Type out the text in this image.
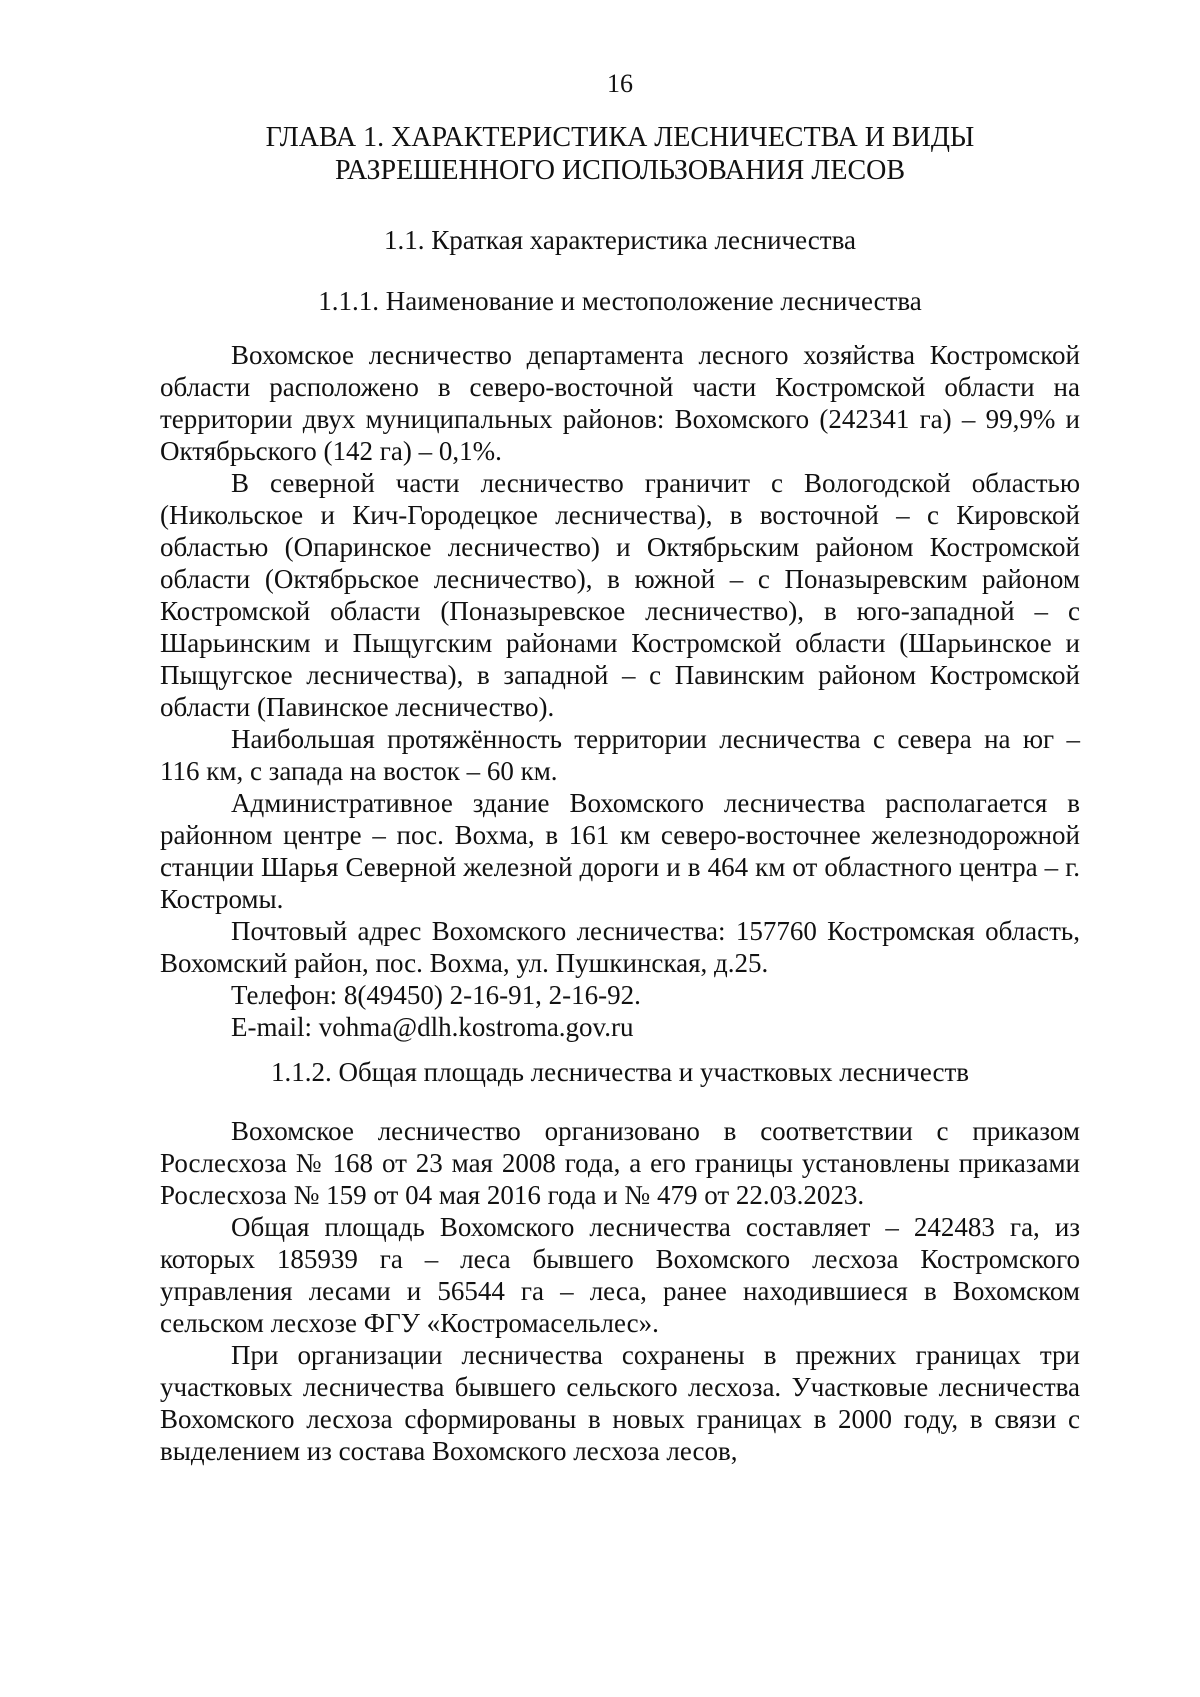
16
ГЛАВА 1. ХАРАКТЕРИСТИКА ЛЕСНИЧЕСТВА И ВИДЫ
РАЗРЕШЕННОГО ИСПОЛЬЗОВАНИЯ ЛЕСОВ
1.1. Краткая характеристика лесничества
1.1.1. Наименование и местоположение лесничества

Вохомское лесничество департамента лесного хозяйства Костромской области расположено в северо-восточной части Костромской области на территории двух муниципальных районов: Вохомского (242341 га) – 99,9% и Октябрьского (142 га) – 0,1%.

В северной части лесничество граничит с Вологодской областью (Никольское и Кич-Городецкое лесничества), в восточной – с Кировской областью (Опаринское лесничество) и Октябрьским районом Костромской области (Октябрьское лесничество), в южной – с Поназыревским районом Костромской области (Поназыревское лесничество), в юго-западной – с Шарьинским и Пыщугским районами Костромской области (Шарьинское и Пыщугское лесничества), в западной – с Павинским районом Костромской области (Павинское лесничество).

Наибольшая протяжённость территории лесничества с севера на юг – 116 км, с запада на восток – 60 км.

Административное здание Вохомского лесничества располагается в районном центре – пос. Вохма, в 161 км северо-восточнее железнодорожной станции Шарья Северной железной дороги и в 464 км от областного центра – г. Костромы.

Почтовый адрес Вохомского лесничества: 157760 Костромская область, Вохомский район, пос. Вохма, ул. Пушкинская, д.25.

Телефон: 8(49450) 2-16-91, 2-16-92.

E-mail: vohma@dlh.kostroma.gov.ru

1.1.2. Общая площадь лесничества и участковых лесничеств

Вохомское лесничество организовано в соответствии с приказом Рослесхоза № 168 от 23 мая 2008 года, а его границы установлены приказами Рослесхоза № 159 от 04 мая 2016 года и № 479 от 22.03.2023.

Общая площадь Вохомского лесничества составляет – 242483 га, из которых 185939 га – леса бывшего Вохомского лесхоза Костромского управления лесами и 56544 га – леса, ранее находившиеся в Вохомском сельском лесхозе ФГУ «Костромасельлес».

При организации лесничества сохранены в прежних границах три участковых лесничества бывшего сельского лесхоза. Участковые лесничества Вохомского лесхоза сформированы в новых границах в 2000 году, в связи с выделением из состава Вохомского лесхоза лесов,
